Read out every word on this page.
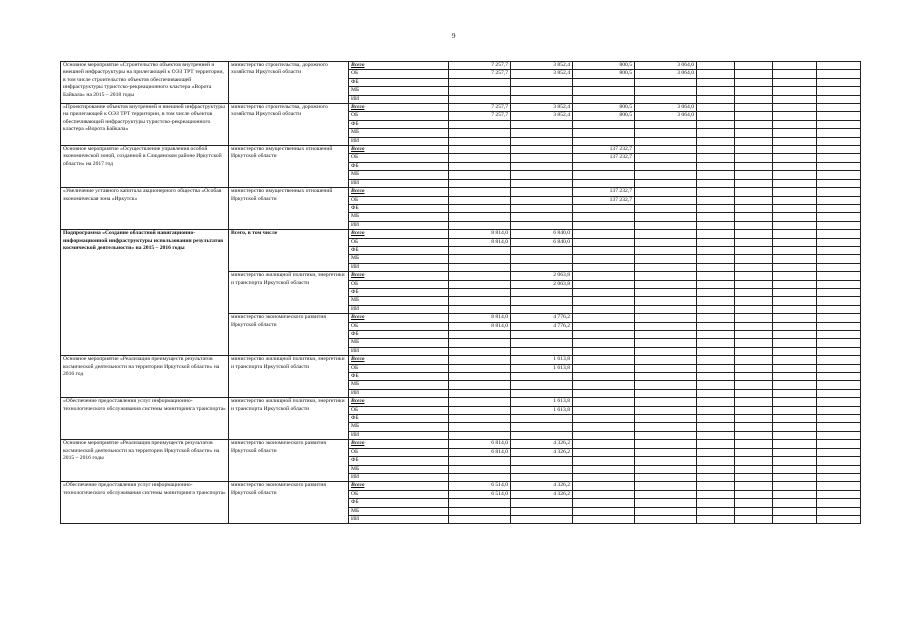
9
Основное мероприятие «Строительство объектов внутренней и внешней инфраструктуры на прилегающей к ОЭЗ ТРТ территории, в том числе строительство объектов обеспечивающей инфраструктуры туристско-рекреационного кластера «Ворота Байкала» на 2015 – 2018 годы	министерство строительства, дорожного хозяйства Иркутской области	Всего	7 257,7	3 852,4	800,5	3 064,0				
		ОБ	7 257,7	3 852,4	800,5	3 064,0				
		ФБ								
		МБ								
		ИИ								
«Проектирование объектов внутренней и внешней инфраструктуры на прилегающей к ОЭЗ ТРТ территории, в том числе объектов обеспечивающей инфраструктуры туристско-рекреационного кластера «Ворота Байкала»	министерство строительства, дорожного хозяйства Иркутской области	Всего	7 257,7	3 852,4	800,5	3 064,0				
		ОБ	7 257,7	3 852,4	800,5	3 064,0				
		ФБ								
		МБ								
		ИИ								
Основное мероприятие «Осуществление управления особой экономической зоной, созданной в Слюдянском районе Иркутской области» на 2017 год	министерство имущественных отношений Иркутской области	Всего			137 232,7					
		ОБ			137 232,7					
		ФБ								
		МБ								
		ИИ								
«Увеличение уставного капитала акционерного общества «Особая экономическая зона «Иркутск»	министерство имущественных отношений Иркутской области	Всего			137 232,7					
		ОБ			137 232,7					
		ФБ								
		МБ								
		ИИ								
Подпрограмма «Создание областной навигационно-информационной инфраструктуры использования результатов космической деятельности» на 2015 – 2016 годы	Всего, в том числе	Всего	8 814,0	6 840,0						
		ОБ	8 814,0	6 840,0						
		ФБ								
		МБ								
		ИИ								
	министерство жилищной политики, энергетики и транспорта Иркутской области	Всего		2 063,8						
		ОБ		2 063,8						
		ФБ								
		МБ								
		ИИ								
	министерство экономического развития Иркутской области	Всего	8 814,0	4 776,2						
		ОБ	8 814,0	4 776,2						
		ФБ								
		МБ								
		ИИ								
Основное мероприятие «Реализация преимуществ результатов космической деятельности на территории Иркутской области» на 2016 год	министерство жилищной политики, энергетики и транспорта Иркутской области	Всего		1 613,8						
		ОБ		1 613,8						
		ФБ								
		МБ								
		ИИ								
«Обеспечение предоставления услуг информационно-технологического обслуживания системы мониторинга транспорта»	министерство жилищной политики, энергетики и транспорта Иркутской области	Всего		1 613,8						
		ОБ		1 613,8						
		ФБ								
		МБ								
		ИИ								
Основное мероприятие «Реализация преимуществ результатов космической деятельности на территории Иркутской области» на 2015 – 2016 годы	министерство экономического развития Иркутской области	Всего	6 814,0	4 326,2						
		ОБ	6 814,0	4 326,2						
		ФБ								
		МБ								
		ИИ								
«Обеспечение предоставления услуг информационно-технологического обслуживания системы мониторинга транспорта»	министерство экономического развития Иркутской области	Всего	6 514,0	4 326,2						
		ОБ	6 514,0	4 326,2						
		ФБ								
		МБ								
		ИИ								
